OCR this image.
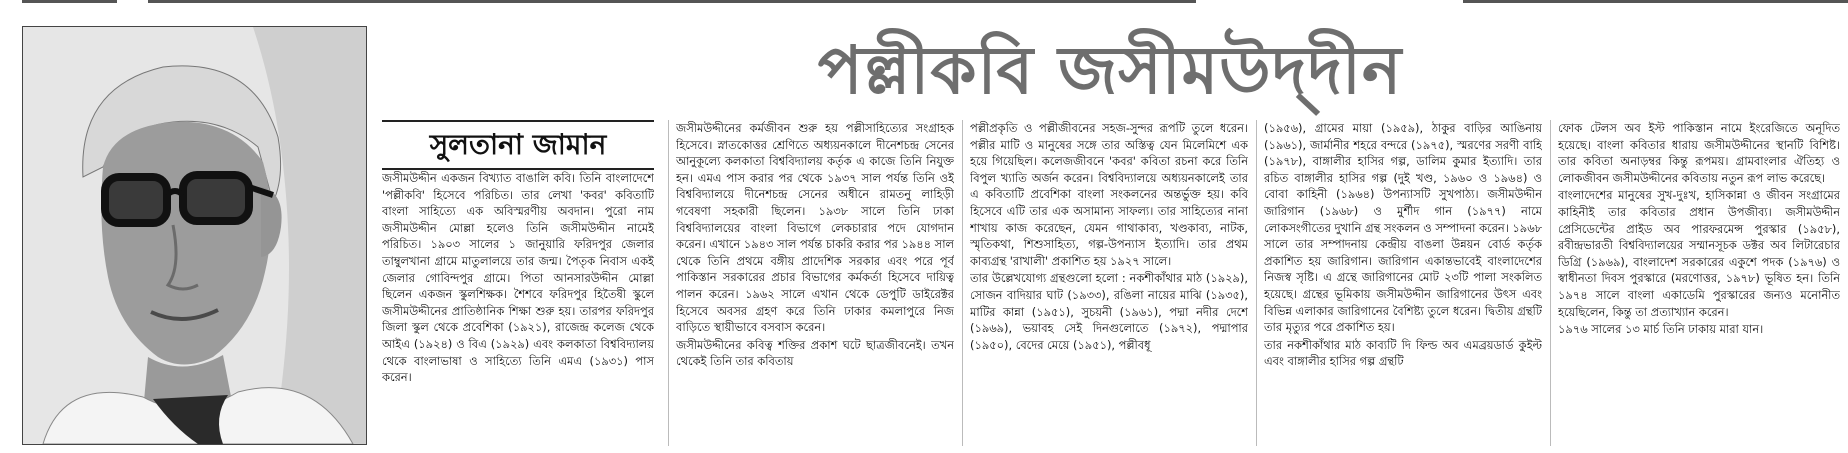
পল্লীকবি জসীমউদ্‌দীন
সুলতানা জামান

জসীমউদ্দীন একজন বিখ্যাত বাঙালি কবি। তিনি বাংলাদেশে 'পল্লীকবি' হিসেবে পরিচিত। তার লেখা 'কবর' কবিতাটি বাংলা সাহিত্যে এক অবিস্মরণীয় অবদান। পুরো নাম জসীমউদ্দীন মোল্লা হলেও তিনি জসীমউদ্দীন নামেই পরিচিত। ১৯০৩ সালের ১ জানুয়ারি ফরিদপুর জেলার তাম্বুলখানা গ্রামে মাতুলালয়ে তার জন্ম। পৈতৃক নিবাস একই জেলার গোবিন্দপুর গ্রামে। পিতা আনসারউদ্দীন মোল্লা ছিলেন একজন স্কুলশিক্ষক। শৈশবে ফরিদপুর হিতৈষী স্কুলে জসীমউদ্দীনের প্রাতিষ্ঠানিক শিক্ষা শুরু হয়। তারপর ফরিদপুর জিলা স্কুল থেকে প্রবেশিকা (১৯২১), রাজেন্দ্র কলেজ থেকে আইএ (১৯২৪) ও বিএ (১৯২৯) এবং কলকাতা বিশ্ববিদ্যালয় থেকে বাংলাভাষা ও সাহিত্যে তিনি এমএ (১৯৩১) পাস করেন।

জসীমউদ্দীনের কর্মজীবন শুরু হয় পল্লীসাহিত্যের সংগ্রাহক হিসেবে। স্নাতকোত্তর শ্রেণিতে অধ্যয়নকালে দীনেশচন্দ্র সেনের আনুকূল্যে কলকাতা বিশ্ববিদ্যালয় কর্তৃক এ কাজে তিনি নিযুক্ত হন। এমএ পাস করার পর থেকে ১৯৩৭ সাল পর্যন্ত তিনি ওই বিশ্ববিদ্যালয়ে দীনেশচন্দ্র সেনের অধীনে রামতনু লাহিড়ী গবেষণা সহকারী ছিলেন। ১৯৩৮ সালে তিনি ঢাকা বিশ্ববিদ্যালয়ের বাংলা বিভাগে লেকচারার পদে যোগদান করেন। এখানে ১৯৪৩ সাল পর্যন্ত চাকরি করার পর ১৯৪৪ সাল থেকে তিনি প্রথমে বঙ্গীয় প্রাদেশিক সরকার এবং পরে পূর্ব পাকিস্তান সরকারের প্রচার বিভাগের কর্মকর্তা হিসেবে দায়িত্ব পালন করেন। ১৯৬২ সালে এখান থেকে ডেপুটি ডাইরেক্টর হিসেবে অবসর গ্রহণ করে তিনি ঢাকার কমলাপুরে নিজ বাড়িতে স্থায়ীভাবে বসবাস করেন।

জসীমউদ্দীনের কবিত্ব শক্তির প্রকাশ ঘটে ছাত্রজীবনেই। তখন থেকেই তিনি তার কবিতায়

পল্লীপ্রকৃতি ও পল্লীজীবনের সহজ-সুন্দর রূপটি তুলে ধরেন। পল্লীর মাটি ও মানুষের সঙ্গে তার অস্তিত্ব যেন মিলেমিশে এক হয়ে গিয়েছিল। কলেজজীবনে 'কবর' কবিতা রচনা করে তিনি বিপুল খ্যাতি অর্জন করেন। বিশ্ববিদ্যালয়ে অধ্যয়নকালেই তার এ কবিতাটি প্রবেশিকা বাংলা সংকলনের অন্তর্ভুক্ত হয়। কবি হিসেবে এটি তার এক অসামান্য সাফল্য। তার সাহিত্যের নানা শাখায় কাজ করেছেন, যেমন গাথাকাব্য, খণ্ডকাব্য, নাটক, স্মৃতিকথা, শিশুসাহিত্য, গল্প-উপন্যাস ইত্যাদি। তার প্রথম কাব্যগ্রন্থ 'রাখালী' প্রকাশিত হয় ১৯২৭ সালে।

তার উল্লেখযোগ্য গ্রন্থগুলো হলো : নকশীকাঁথার মাঠ (১৯২৯), সোজন বাদিয়ার ঘাট (১৯৩৩), রঙিলা নায়ের মাঝি (১৯৩৫), মাটির কান্না (১৯৫১), সুচয়নী (১৯৬১), পদ্মা নদীর দেশে (১৯৬৯), ভয়াবহ সেই দিনগুলোতে (১৯৭২), পদ্মাপার (১৯৫০), বেদের মেয়ে (১৯৫১), পল্লীবধূ

(১৯৫৬), গ্রামের মায়া (১৯৫৯), ঠাকুর বাড়ির আঙিনায় (১৯৬১), জার্মানীর শহরে বন্দরে (১৯৭৫), স্মরণের সরণী বাহি (১৯৭৮), বাঙ্গালীর হাসির গল্প, ডালিম কুমার ইত্যাদি। তার রচিত বাঙ্গালীর হাসির গল্প (দুই খণ্ড, ১৯৬০ ও ১৯৬৪) ও বোবা কাহিনী (১৯৬৪) উপন্যাসটি সুখপাঠ্য। জসীমউদ্দীন জারিগান (১৯৬৮) ও মুর্শীদ গান (১৯৭৭) নামে লোকসংগীতের দুখানি গ্রন্থ সংকলন ও সম্পাদনা করেন। ১৯৬৮ সালে তার সম্পাদনায় কেন্দ্রীয় বাঙলা উন্নয়ন বোর্ড কর্তৃক প্রকাশিত হয় জারিগান। জারিগান একান্তভাবেই বাংলাদেশের নিজস্ব সৃষ্টি। এ গ্রন্থে জারিগানের মোট ২৩টি পালা সংকলিত হয়েছে। গ্রন্থের ভূমিকায় জসীমউদ্দীন জারিগানের উৎস এবং বিভিন্ন এলাকার জারিগানের বৈশিষ্ট্য তুলে ধরেন। দ্বিতীয় গ্রন্থটি তার মৃত্যুর পরে প্রকাশিত হয়।

তার নকশীকাঁথার মাঠ কাব্যটি দি ফিল্ড অব এমব্রয়ডার্ড কুইল্ট এবং বাঙ্গালীর হাসির গল্প গ্রন্থটি

ফোক টেলস অব ইস্ট পাকিস্তান নামে ইংরেজিতে অনূদিত হয়েছে। বাংলা কবিতার ধারায় জসীমউদ্দীনের স্থানটি বিশিষ্ট। তার কবিতা অনাড়ম্বর কিন্তু রূপময়। গ্রামবাংলার ঐতিহ্য ও লোকজীবন জসীমউদ্দীনের কবিতায় নতুন রূপ লাভ করেছে।

বাংলাদেশের মানুষের সুখ-দুঃখ, হাসিকান্না ও জীবন সংগ্রামের কাহিনীই তার কবিতার প্রধান উপজীব্য। জসীমউদ্দীন প্রেসিডেন্টের প্রাইড অব পারফরমেন্স পুরস্কার (১৯৫৮), রবীন্দ্রভারতী বিশ্ববিদ্যালয়ের সম্মানসূচক ডক্টর অব লিটারেচার ডিগ্রি (১৯৬৯), বাংলাদেশ সরকারের একুশে পদক (১৯৭৬) ও স্বাধীনতা দিবস পুরস্কারে (মরণোত্তর, ১৯৭৮) ভূষিত হন। তিনি ১৯৭৪ সালে বাংলা একাডেমি পুরস্কারের জন্যও মনোনীত হয়েছিলেন, কিন্তু তা প্রত্যাখ্যান করেন।

১৯৭৬ সালের ১৩ মার্চ তিনি ঢাকায় মারা যান।
